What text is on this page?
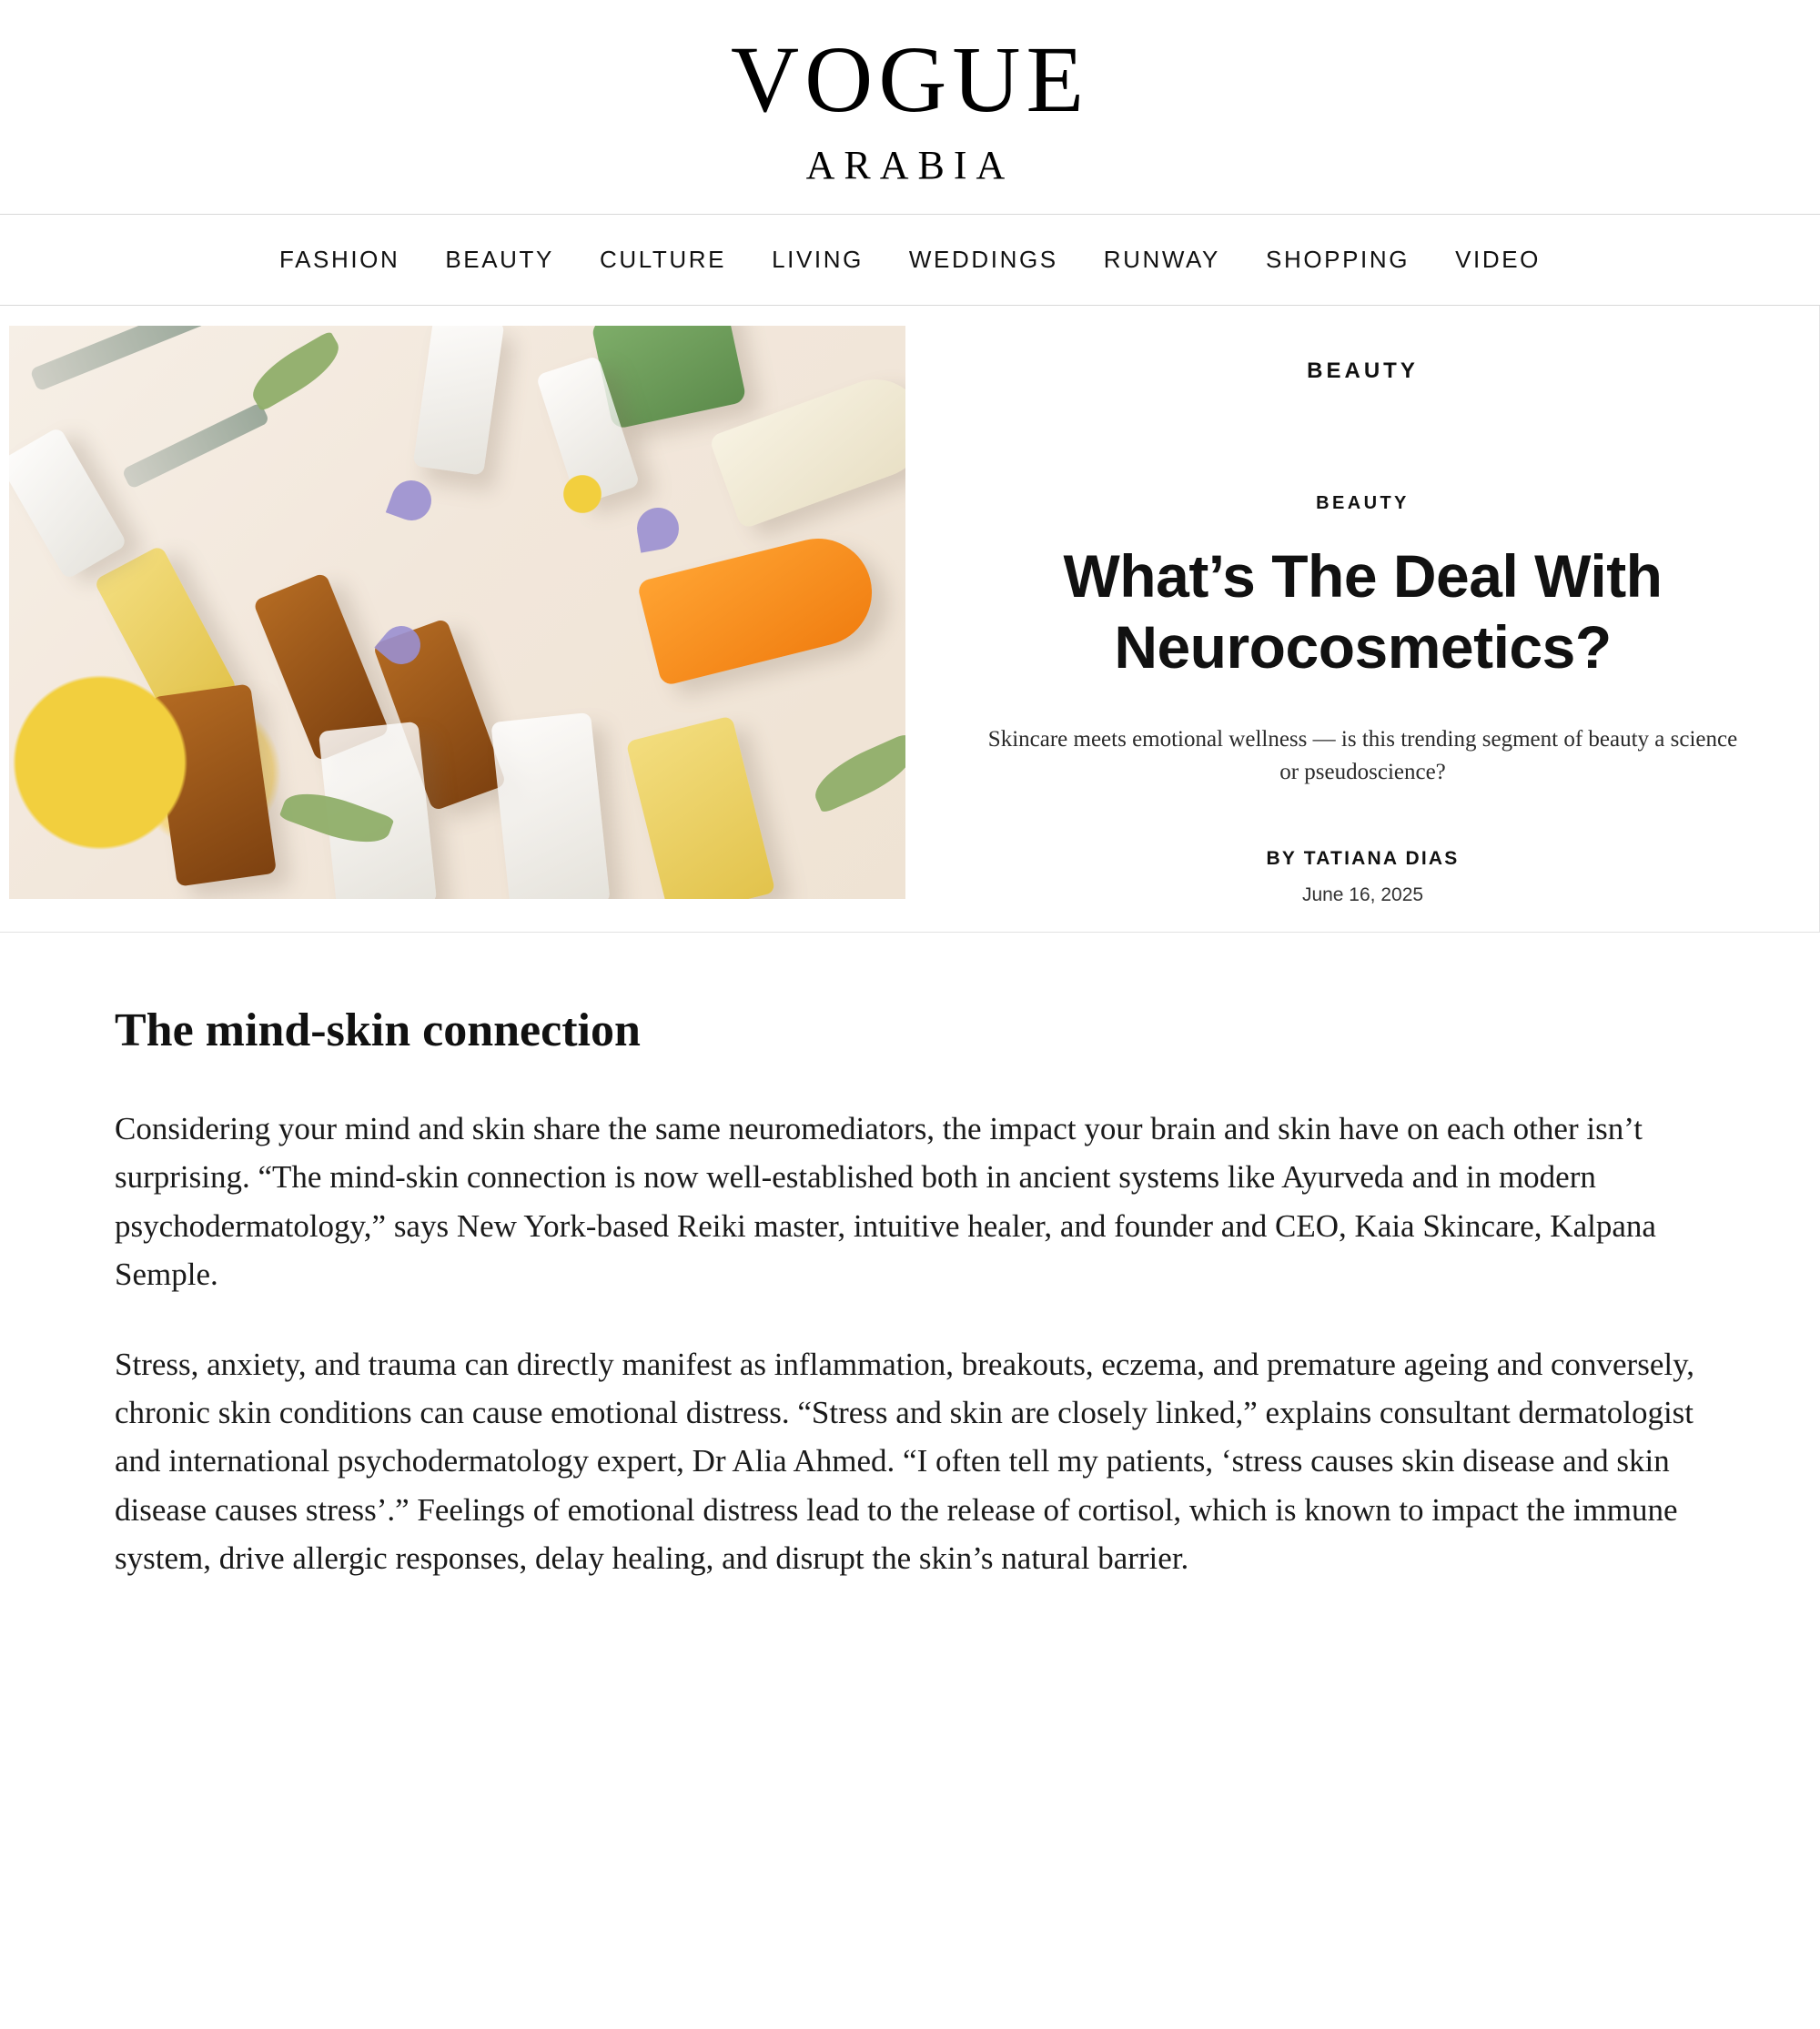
VOGUE
ARABIA
FASHION	BEAUTY	CULTURE	LIVING	WEDDINGS	RUNWAY	SHOPPING	VIDEO
BEAUTY
BEAUTY
What’s The Deal With Neurocosmetics?

Skincare meets emotional wellness — is this trending segment of beauty a science or pseudoscience?

BY TATIANA DIAS
June 16, 2025
The mind-skin connection

Considering your mind and skin share the same neuromediators, the impact your brain and skin have on each other isn’t surprising. “The mind-skin connection is now well-established both in ancient systems like Ayurveda and in modern psychodermatology,” says New York-based Reiki master, intuitive healer, and founder and CEO, Kaia Skincare, Kalpana Semple.

Stress, anxiety, and trauma can directly manifest as inflammation, breakouts, eczema, and premature ageing and conversely, chronic skin conditions can cause emotional distress. “Stress and skin are closely linked,” explains consultant dermatologist and international psychodermatology expert, Dr Alia Ahmed. “I often tell my patients, ‘stress causes skin disease and skin disease causes stress’.” Feelings of emotional distress lead to the release of cortisol, which is known to impact the immune system, drive allergic responses, delay healing, and disrupt the skin’s natural barrier.
